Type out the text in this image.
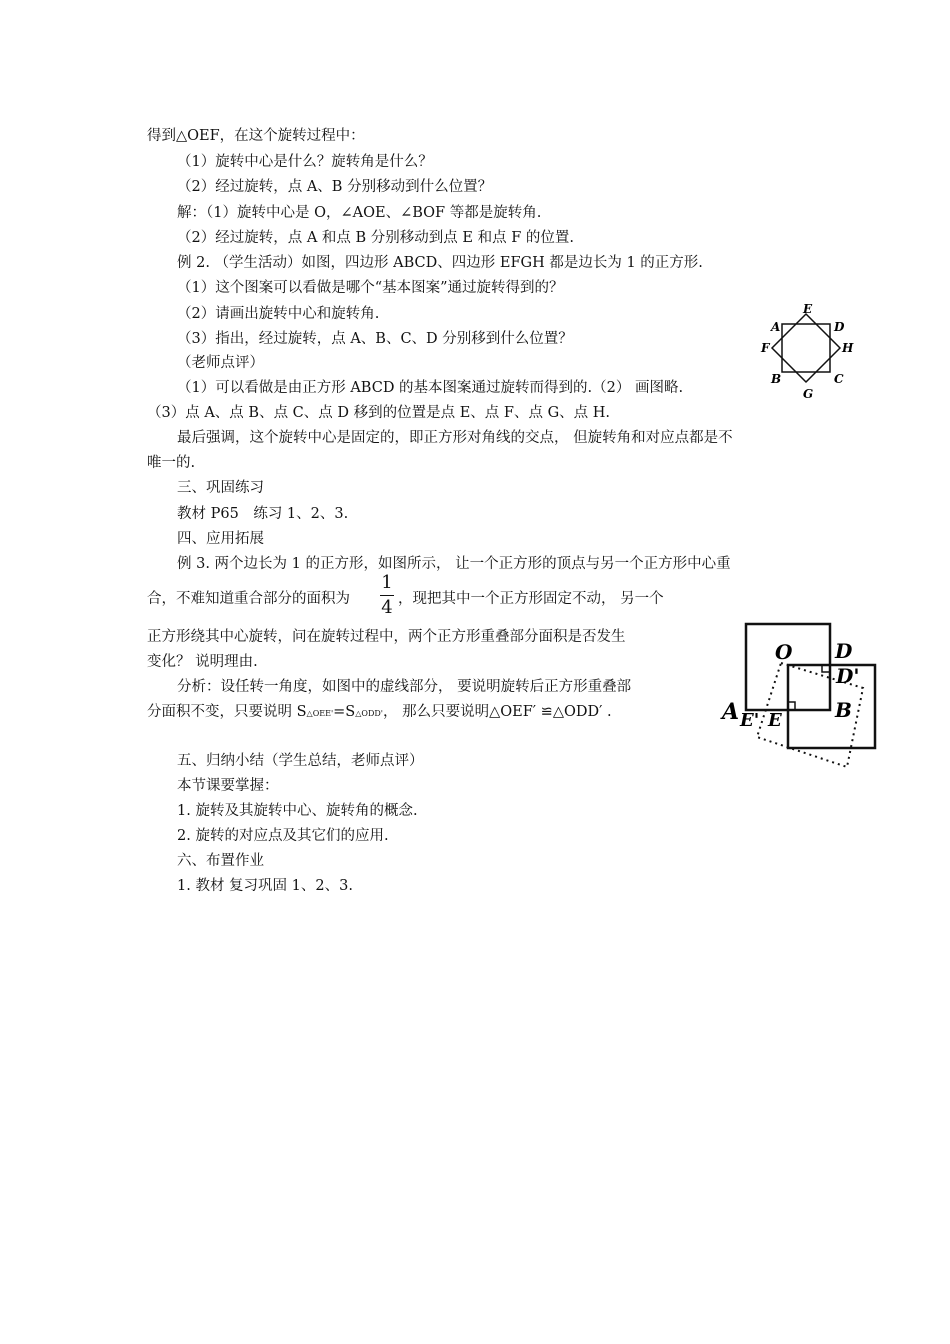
得到△OEF，在这个旋转过程中：
（1）旋转中心是什么？旋转角是什么？
（2）经过旋转，点 A、B 分别移动到什么位置？
解：（1）旋转中心是 O，∠AOE、∠BOF 等都是旋转角.
（2）经过旋转，点 A 和点 B 分别移动到点 E 和点 F 的位置.
例 2. （学生活动）如图，四边形 ABCD、四边形 EFGH 都是边长为 1 的正方形.
（1）这个图案可以看做是哪个“基本图案”通过旋转得到的？
（2）请画出旋转中心和旋转角.
（3）指出，经过旋转，点 A、B、C、D 分别移到什么位置？
（老师点评）
（1）可以看做是由正方形 ABCD 的基本图案通过旋转而得到的.（2） 画图略.
（3）点 A、点 B、点 C、点 D 移到的位置是点 E、点 F、点 G、点 H.
最后强调，这个旋转中心是固定的，即正方形对角线的交点， 但旋转角和对应点都是不
唯一的.
三、巩固练习
教材 P65　练习 1、2、3.
四、应用拓展
例 3. 两个边长为 1 的正方形，如图所示， 让一个正方形的顶点与另一个正方形中心重
合，不难知道重合部分的面积为
1
4 ，现把其中一个正方形固定不动， 另一个
正方形绕其中心旋转，问在旋转过程中，两个正方形重叠部分面积是否发生
变化？ 说明理由.
分析：设任转一角度，如图中的虚线部分， 要说明旋转后正方形重叠部
分面积不变，只要说明 S△OEE'=S△ODD'， 那么只要说明△OEF′ ≌△ODD′ .
五、归纳小结（学生总结，老师点评）
本节课要掌握：
1. 旋转及其旋转中心、旋转角的概念.
2. 旋转的对应点及其它们的应用.
六、布置作业
1. 教材 复习巩固 1、2、3.
A	D
E
F	H
B	C
G
O D
D'
A E' E	B
